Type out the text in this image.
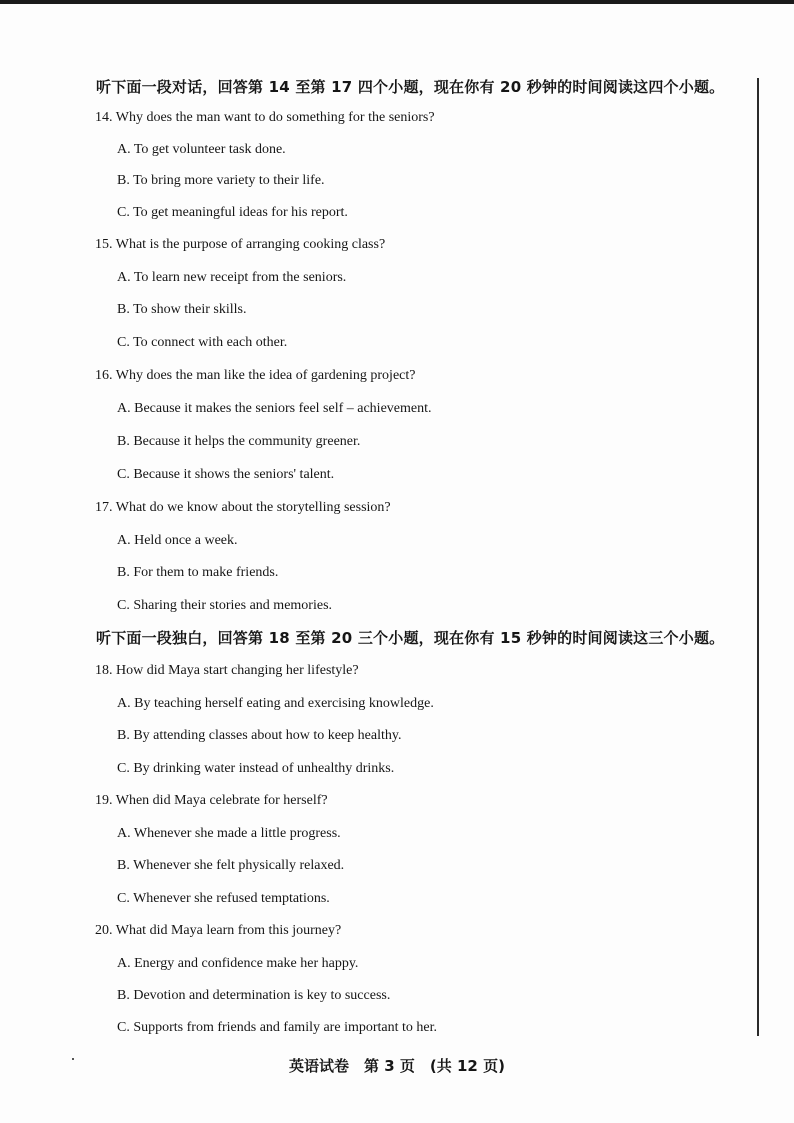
听下面一段对话，回答第 14 至第 17 四个小题，现在你有 20 秒钟的时间阅读这四个小题。
14. Why does the man want to do something for the seniors?
A. To get volunteer task done.
B. To bring more variety to their life.
C. To get meaningful ideas for his report.
15. What is the purpose of arranging cooking class?
A. To learn new receipt from the seniors.
B. To show their skills.
C. To connect with each other.
16. Why does the man like the idea of gardening project?
A. Because it makes the seniors feel self – achievement.
B. Because it helps the community greener.
C. Because it shows the seniors' talent.
17. What do we know about the storytelling session?
A. Held once a week.
B. For them to make friends.
C. Sharing their stories and memories.
听下面一段独白，回答第 18 至第 20 三个小题，现在你有 15 秒钟的时间阅读这三个小题。
18. How did Maya start changing her lifestyle?
A. By teaching herself eating and exercising knowledge.
B. By attending classes about how to keep healthy.
C. By drinking water instead of unhealthy drinks.
19. When did Maya celebrate for herself?
A. Whenever she made a little progress.
B. Whenever she felt physically relaxed.
C. Whenever she refused temptations.
20. What did Maya learn from this journey?
A. Energy and confidence make her happy.
B. Devotion and determination is key to success.
C. Supports from friends and family are important to her.
英语试卷　第 3 页　(共 12 页)
